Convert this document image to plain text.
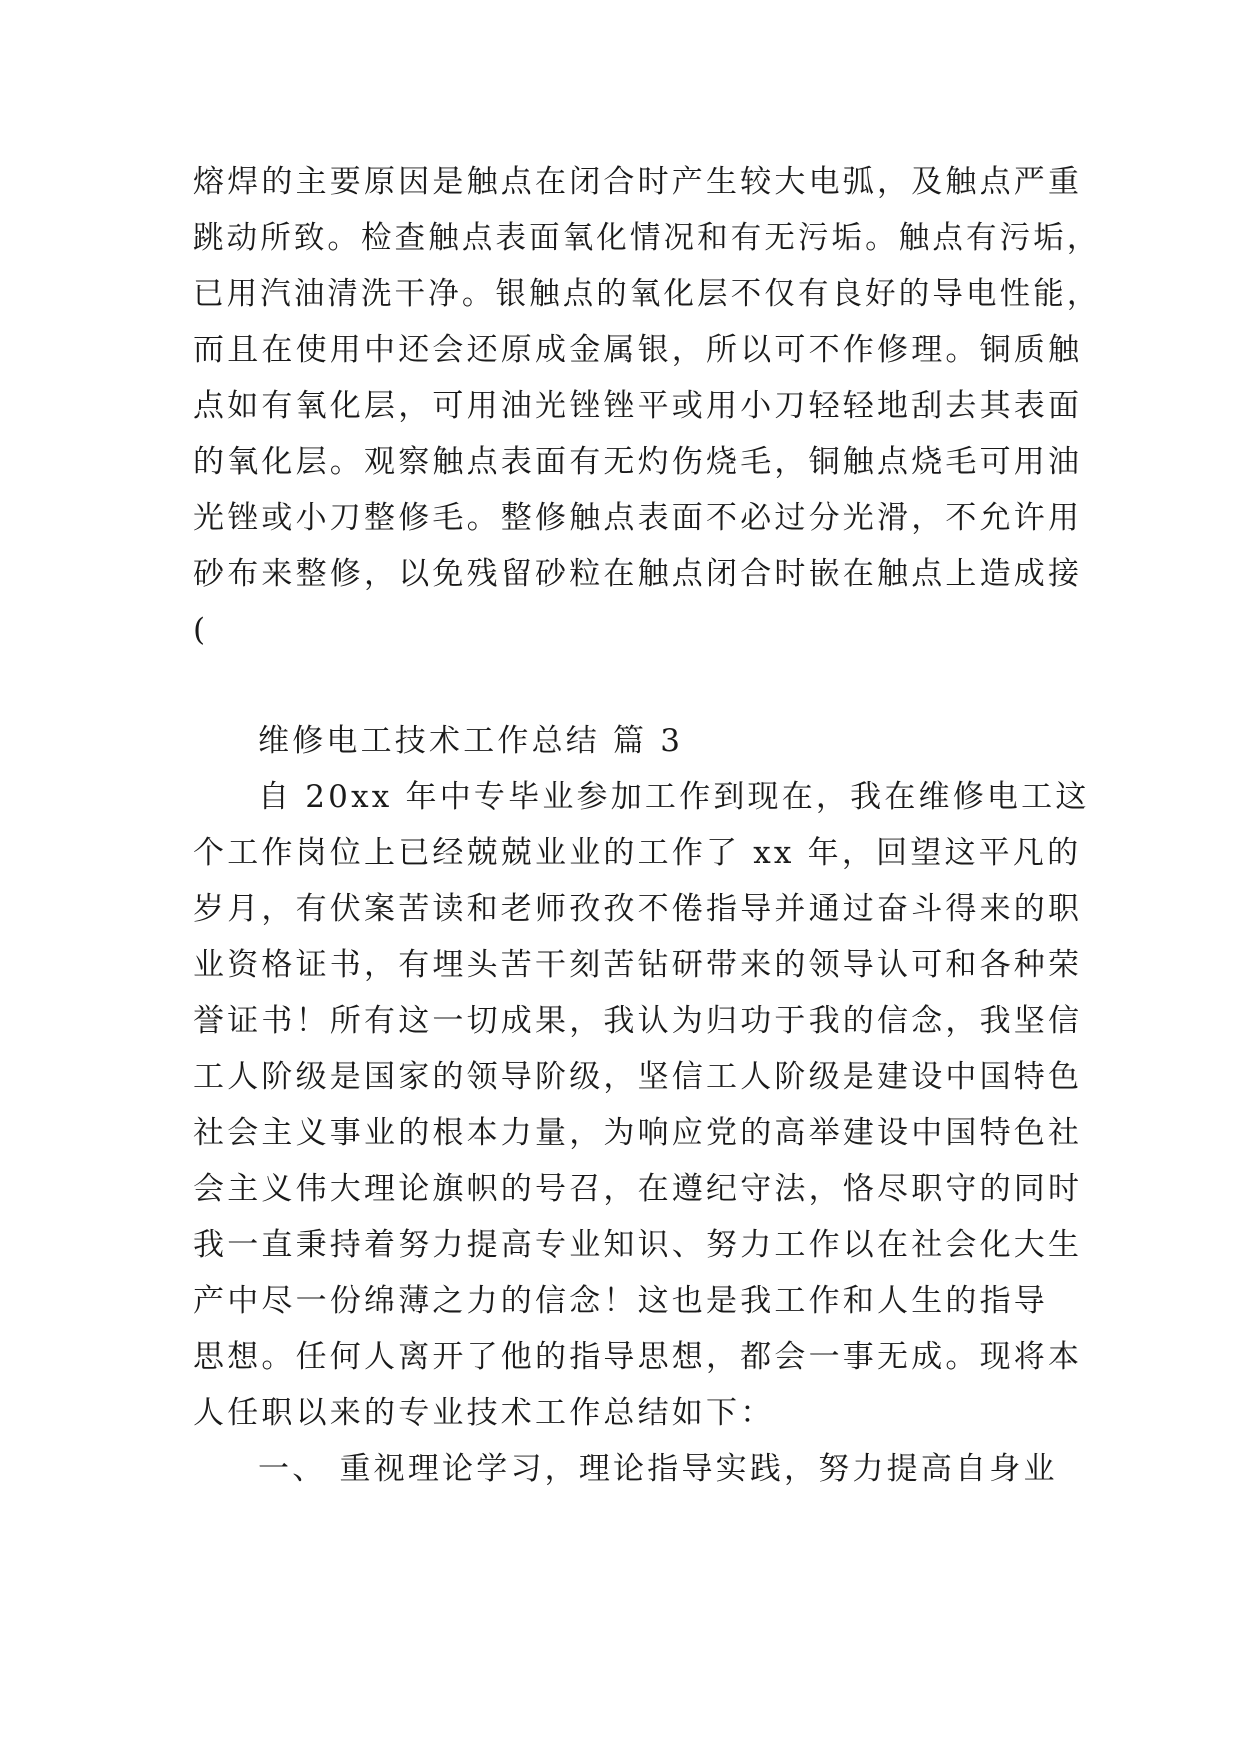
熔焊的主要原因是触点在闭合时产生较大电弧，及触点严重
跳动所致。检查触点表面氧化情况和有无污垢。触点有污垢，
已用汽油清洗干净。银触点的氧化层不仅有良好的导电性能，
而且在使用中还会还原成金属银，所以可不作修理。铜质触
点如有氧化层，可用油光锉锉平或用小刀轻轻地刮去其表面
的氧化层。观察触点表面有无灼伤烧毛，铜触点烧毛可用油
光锉或小刀整修毛。整修触点表面不必过分光滑，不允许用
砂布来整修，以免残留砂粒在触点闭合时嵌在触点上造成接
(
维修电工技术工作总结 篇 3
自 20xx 年中专毕业参加工作到现在，我在维修电工这
个工作岗位上已经兢兢业业的工作了 xx 年，回望这平凡的
岁月，有伏案苦读和老师孜孜不倦指导并通过奋斗得来的职
业资格证书，有埋头苦干刻苦钻研带来的领导认可和各种荣
誉证书！所有这一切成果，我认为归功于我的信念，我坚信
工人阶级是国家的领导阶级，坚信工人阶级是建设中国特色
社会主义事业的根本力量，为响应党的高举建设中国特色社
会主义伟大理论旗帜的号召，在遵纪守法，恪尽职守的同时
我一直秉持着努力提高专业知识、努力工作以在社会化大生
产中尽一份绵薄之力的信念！这也是我工作和人生的指导
思想。任何人离开了他的指导思想，都会一事无成。现将本
人任职以来的专业技术工作总结如下：
一、 重视理论学习，理论指导实践，努力提高自身业
